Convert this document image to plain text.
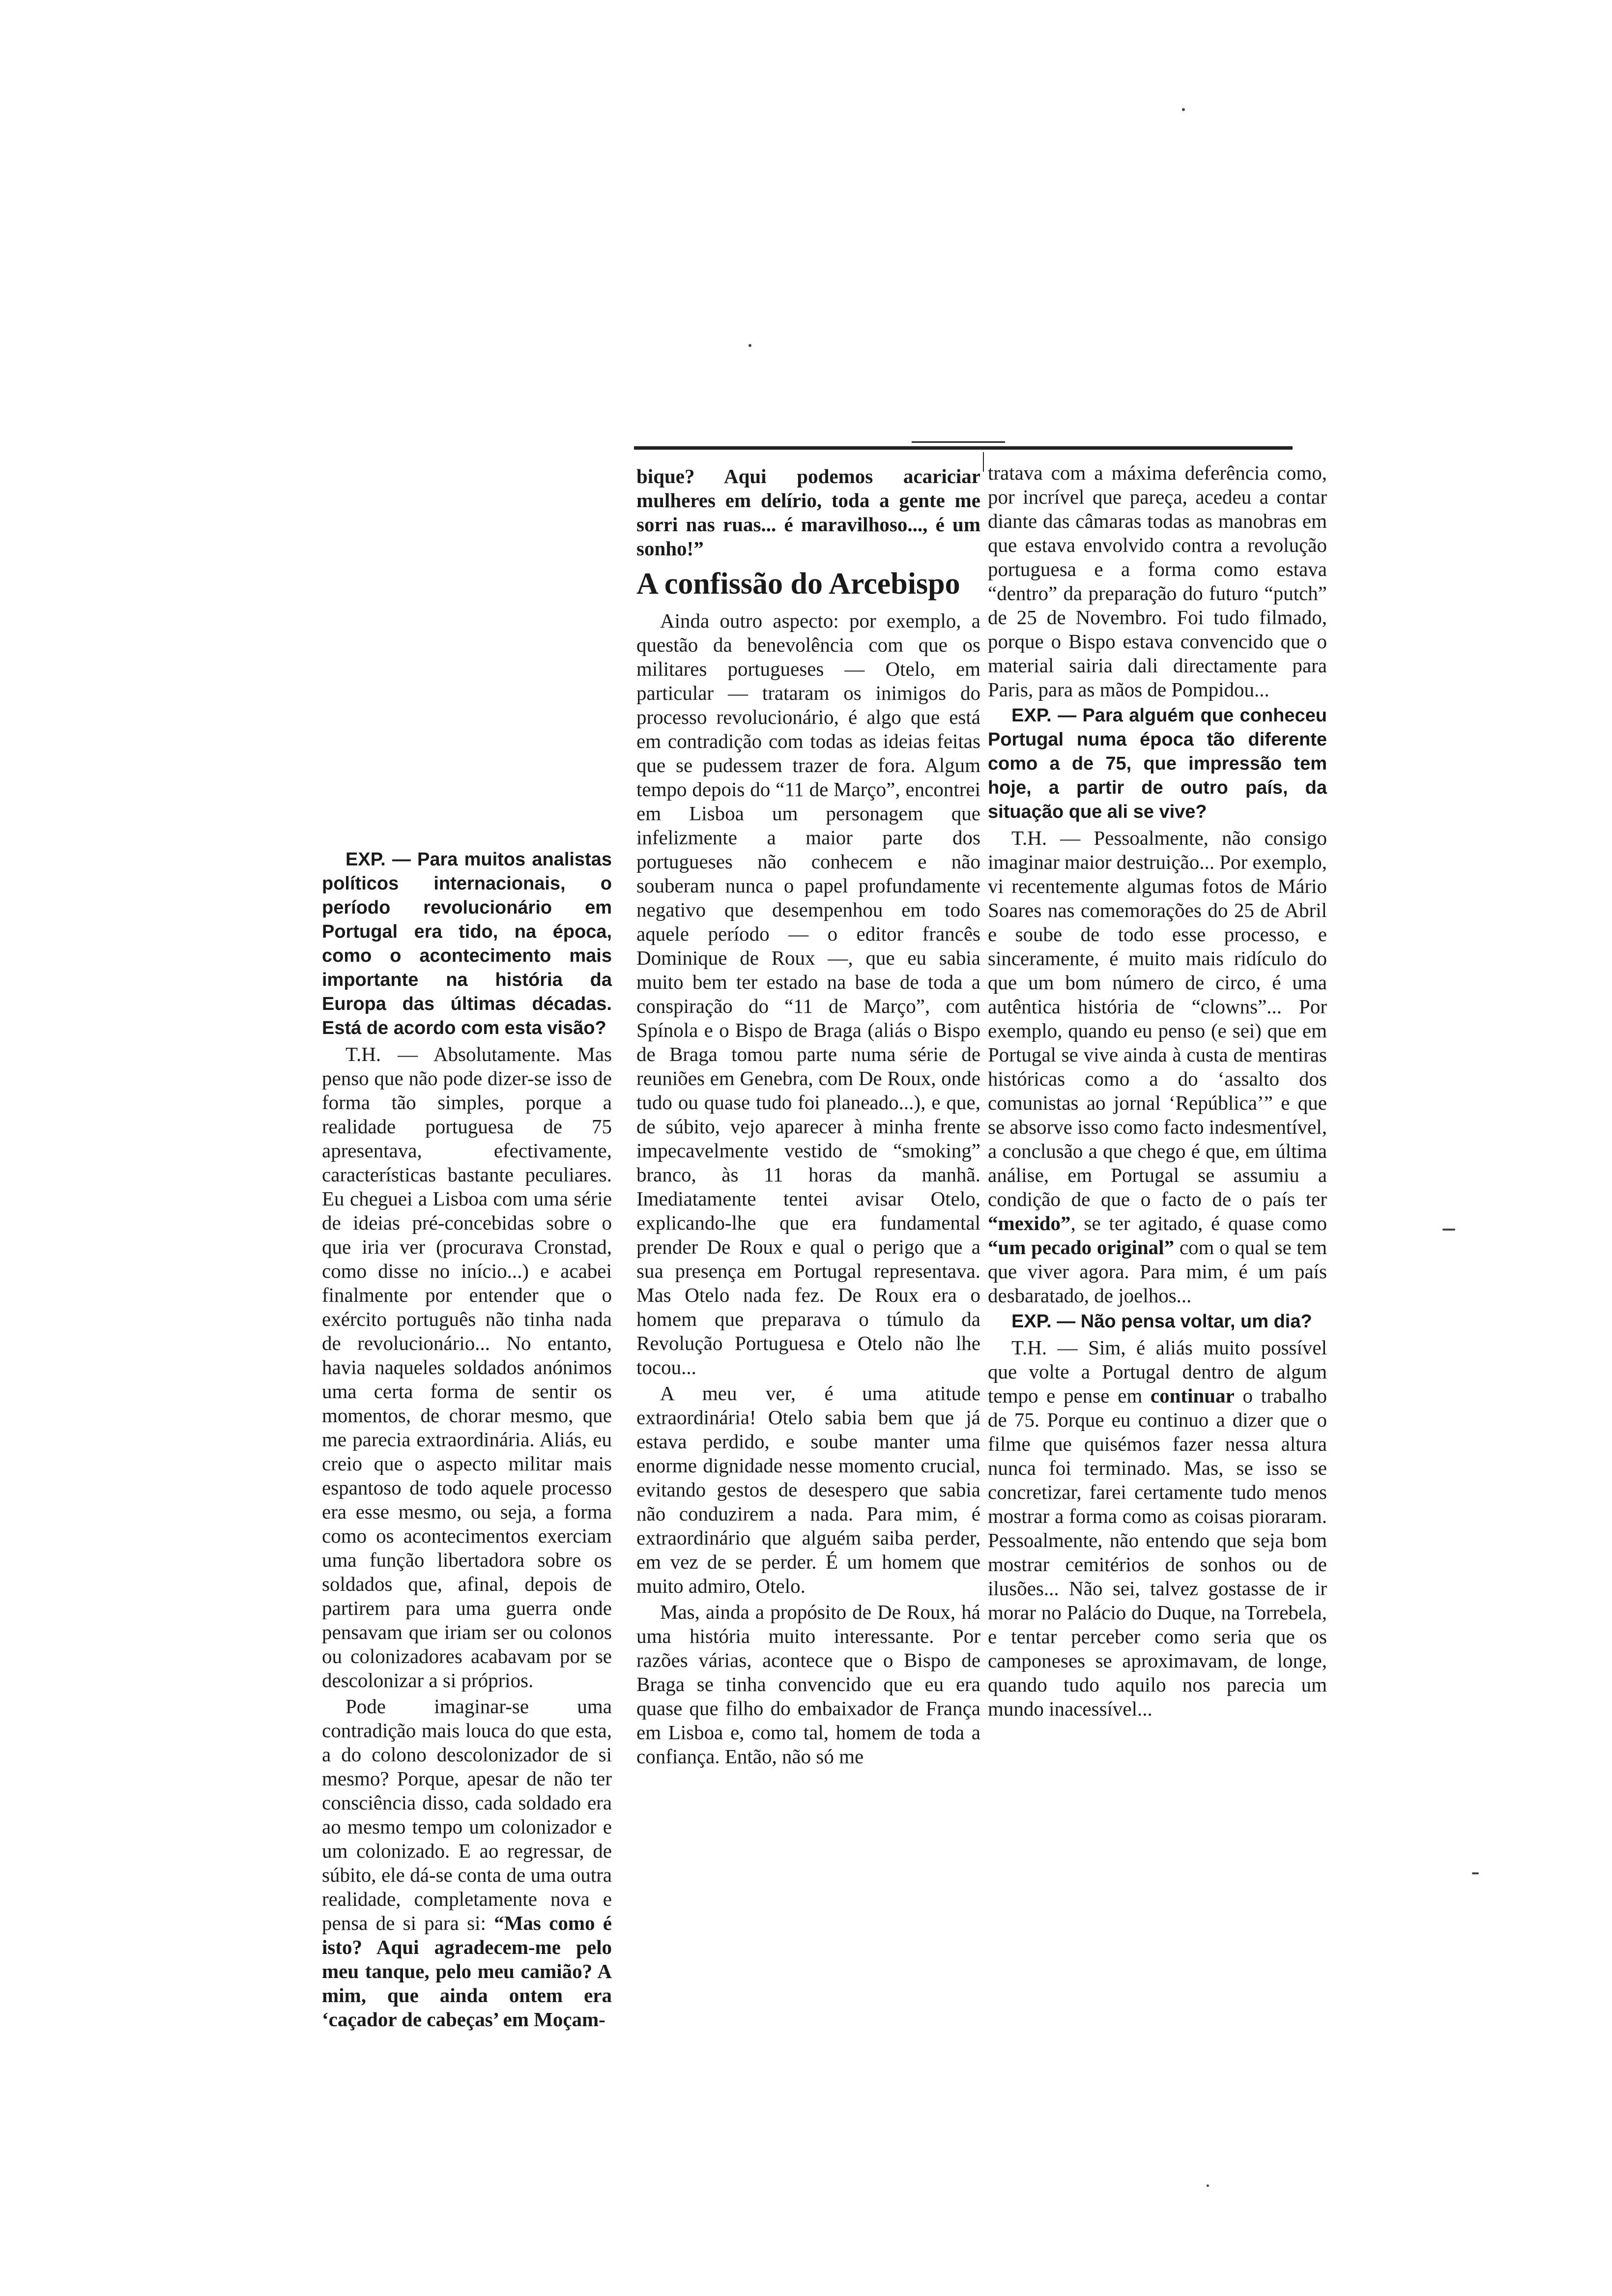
EXP. — Para muitos analistas políticos internacionais, o período revolucionário em Portugal era tido, na época, como o acontecimento mais importante na história da Europa das últimas décadas. Está de acordo com esta visão?

T.H. — Absolutamente. Mas penso que não pode dizer-se isso de forma tão simples, porque a realidade portuguesa de 75 apresentava, efectivamente, características bastante peculiares. Eu cheguei a Lisboa com uma série de ideias pré-concebidas sobre o que iria ver (procurava Cronstad, como disse no início...) e acabei finalmente por entender que o exército português não tinha nada de revolucionário... No entanto, havia naqueles soldados anónimos uma certa forma de sentir os momentos, de chorar mesmo, que me parecia extraordinária. Aliás, eu creio que o aspecto militar mais espantoso de todo aquele processo era esse mesmo, ou seja, a forma como os acontecimentos exerciam uma função libertadora sobre os soldados que, afinal, depois de partirem para uma guerra onde pensavam que iriam ser ou colonos ou colonizadores acabavam por se descolonizar a si próprios.

Pode imaginar-se uma contradição mais louca do que esta, a do colono descolonizador de si mesmo? Porque, apesar de não ter consciência disso, cada soldado era ao mesmo tempo um colonizador e um colonizado. E ao regressar, de súbito, ele dá-se conta de uma outra realidade, completamente nova e pensa de si para si: “Mas como é isto? Aqui agradecem-me pelo meu tanque, pelo meu camião? A mim, que ainda ontem era ‘caçador de cabeças’ em Moçam-

bique? Aqui podemos acariciar mulheres em delírio, toda a gente me sorri nas ruas... é maravilhoso..., é um sonho!”

A confissão do Arcebispo

Ainda outro aspecto: por exemplo, a questão da benevolência com que os militares portugueses — Otelo, em particular — trataram os inimigos do processo revolucionário, é algo que está em contradição com todas as ideias feitas que se pudessem trazer de fora. Algum tempo depois do “11 de Março”, encontrei em Lisboa um personagem que infelizmente a maior parte dos portugueses não conhecem e não souberam nunca o papel profundamente negativo que desempenhou em todo aquele período — o editor francês Dominique de Roux —, que eu sabia muito bem ter estado na base de toda a conspiração do “11 de Março”, com Spínola e o Bispo de Braga (aliás o Bispo de Braga tomou parte numa série de reuniões em Genebra, com De Roux, onde tudo ou quase tudo foi planeado...), e que, de súbito, vejo aparecer à minha frente impecavelmente vestido de “smoking” branco, às 11 horas da manhã. Imediatamente tentei avisar Otelo, explicando-lhe que era fundamental prender De Roux e qual o perigo que a sua presença em Portugal representava. Mas Otelo nada fez. De Roux era o homem que preparava o túmulo da Revolução Portuguesa e Otelo não lhe tocou...

A meu ver, é uma atitude extraordinária! Otelo sabia bem que já estava perdido, e soube manter uma enorme dignidade nesse momento crucial, evitando gestos de desespero que sabia não conduzirem a nada. Para mim, é extraordinário que alguém saiba perder, em vez de se perder. É um homem que muito admiro, Otelo.

Mas, ainda a propósito de De Roux, há uma história muito interessante. Por razões várias, acontece que o Bispo de Braga se tinha convencido que eu era quase que filho do embaixador de França em Lisboa e, como tal, homem de toda a confiança. Então, não só me

tratava com a máxima deferência como, por incrível que pareça, acedeu a contar diante das câmaras todas as manobras em que estava envolvido contra a revolução portuguesa e a forma como estava “dentro” da preparação do futuro “putch” de 25 de Novembro. Foi tudo filmado, porque o Bispo estava convencido que o material sairia dali directamente para Paris, para as mãos de Pompidou...

EXP. — Para alguém que conheceu Portugal numa época tão diferente como a de 75, que impressão tem hoje, a partir de outro país, da situação que ali se vive?

T.H. — Pessoalmente, não consigo imaginar maior destruição... Por exemplo, vi recentemente algumas fotos de Mário Soares nas comemorações do 25 de Abril e soube de todo esse processo, e sinceramente, é muito mais ridículo do que um bom número de circo, é uma autêntica história de “clowns”... Por exemplo, quando eu penso (e sei) que em Portugal se vive ainda à custa de mentiras históricas como a do ‘assalto dos comunistas ao jornal ‘República’” e que se absorve isso como facto indesmentível, a conclusão a que chego é que, em última análise, em Portugal se assumiu a condição de que o facto de o país ter “mexido”, se ter agitado, é quase como “um pecado original” com o qual se tem que viver agora. Para mim, é um país desbaratado, de joelhos...

EXP. — Não pensa voltar, um dia?

T.H. — Sim, é aliás muito possível que volte a Portugal dentro de algum tempo e pense em continuar o trabalho de 75. Porque eu continuo a dizer que o filme que quisémos fazer nessa altura nunca foi terminado. Mas, se isso se concretizar, farei certamente tudo menos mostrar a forma como as coisas pioraram. Pessoalmente, não entendo que seja bom mostrar cemitérios de sonhos ou de ilusões... Não sei, talvez gostasse de ir morar no Palácio do Duque, na Torrebela, e tentar perceber como seria que os camponeses se aproximavam, de longe, quando tudo aquilo nos parecia um mundo inacessível...
